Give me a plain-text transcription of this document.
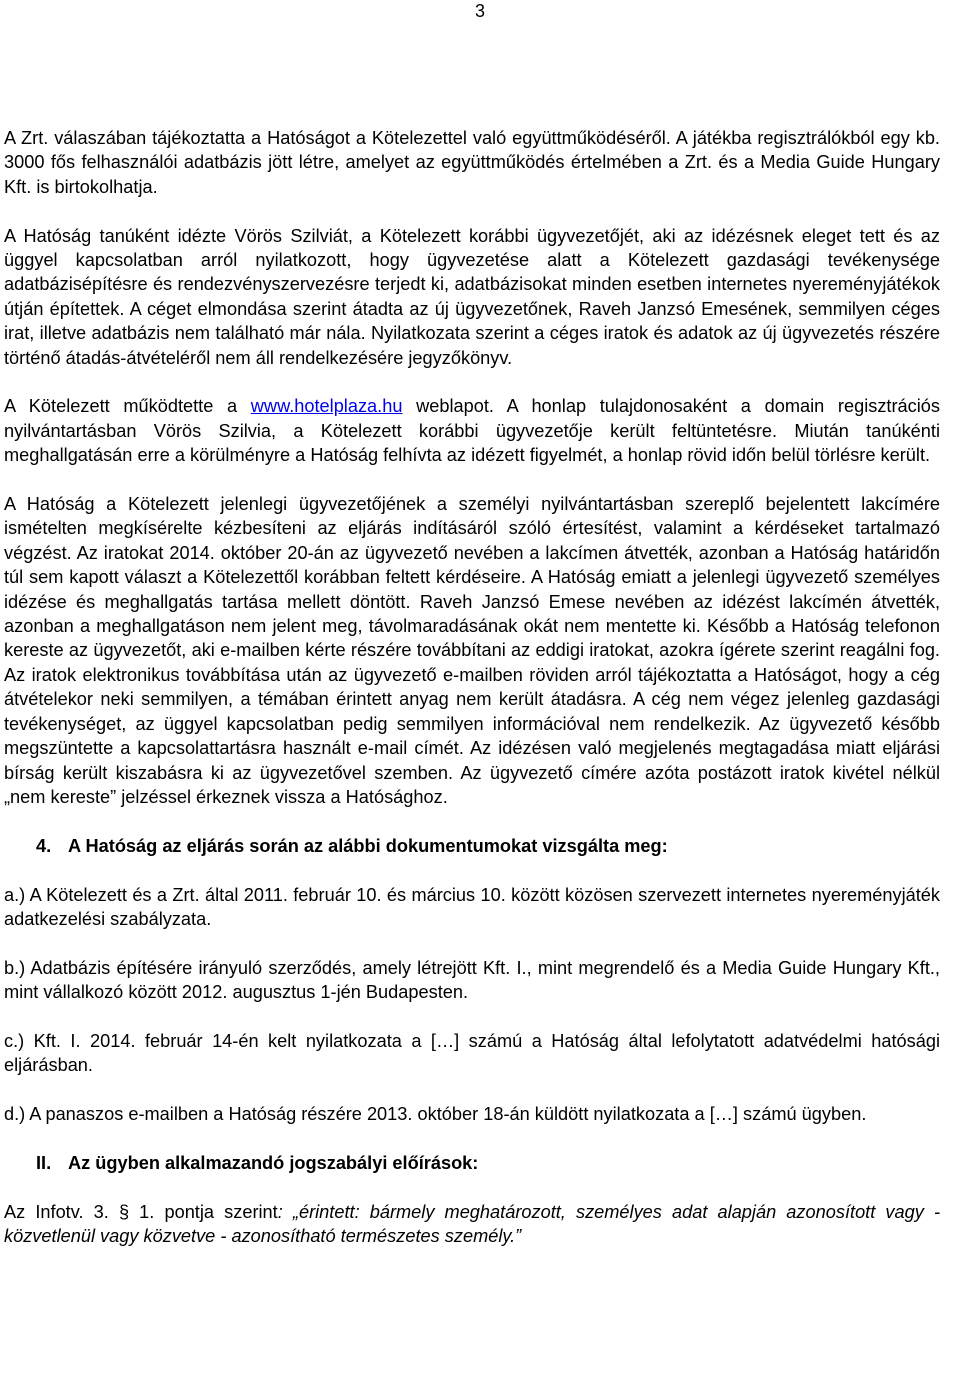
3

A Zrt. válaszában tájékoztatta a Hatóságot a Kötelezettel való együttműködéséről. A játékba regisztrálókból egy kb. 3000 fős felhasználói adatbázis jött létre, amelyet az együttműködés értelmében a Zrt. és a Media Guide Hungary Kft. is birtokolhatja.

A Hatóság tanúként idézte Vörös Szilviát, a Kötelezett korábbi ügyvezetőjét, aki az idézésnek eleget tett és az üggyel kapcsolatban arról nyilatkozott, hogy ügyvezetése alatt a Kötelezett gazdasági tevékenysége adatbázisépítésre és rendezvényszervezésre terjedt ki, adatbázisokat minden esetben internetes nyereményjátékok útján építettek. A céget elmondása szerint átadta az új ügyvezetőnek, Raveh Janzsó Emesének, semmilyen céges irat, illetve adatbázis nem található már nála. Nyilatkozata szerint a céges iratok és adatok az új ügyvezetés részére történő átadás-átvételéről nem áll rendelkezésére jegyzőkönyv.

A Kötelezett működtette a www.hotelplaza.hu weblapot. A honlap tulajdonosaként a domain regisztrációs nyilvántartásban Vörös Szilvia, a Kötelezett korábbi ügyvezetője került feltüntetésre. Miután tanúkénti meghallgatásán erre a körülményre a Hatóság felhívta az idézett figyelmét, a honlap rövid időn belül törlésre került.

A Hatóság a Kötelezett jelenlegi ügyvezetőjének a személyi nyilvántartásban szereplő bejelentett lakcímére ismételten megkísérelte kézbesíteni az eljárás indításáról szóló értesítést, valamint a kérdéseket tartalmazó végzést. Az iratokat 2014. október 20-án az ügyvezető nevében a lakcímen átvették, azonban a Hatóság határidőn túl sem kapott választ a Kötelezettől korábban feltett kérdéseire. A Hatóság emiatt a jelenlegi ügyvezető személyes idézése és meghallgatás tartása mellett döntött. Raveh Janzsó Emese nevében az idézést lakcímén átvették, azonban a meghallgatáson nem jelent meg, távolmaradásának okát nem mentette ki. Később a Hatóság telefonon kereste az ügyvezetőt, aki e-mailben kérte részére továbbítani az eddigi iratokat, azokra ígérete szerint reagálni fog. Az iratok elektronikus továbbítása után az ügyvezető e-mailben röviden arról tájékoztatta a Hatóságot, hogy a cég átvételekor neki semmilyen, a témában érintett anyag nem került átadásra. A cég nem végez jelenleg gazdasági tevékenységet, az üggyel kapcsolatban pedig semmilyen információval nem rendelkezik. Az ügyvezető később megszüntette a kapcsolattartásra használt e-mail címét. Az idézésen való megjelenés megtagadása miatt eljárási bírság került kiszabásra ki az ügyvezetővel szemben. Az ügyvezető címére azóta postázott iratok kivétel nélkül „nem kereste” jelzéssel érkeznek vissza a Hatósághoz.

4. A Hatóság az eljárás során az alábbi dokumentumokat vizsgálta meg:

a.) A Kötelezett és a Zrt. által 2011. február 10. és március 10. között közösen szervezett internetes nyereményjáték adatkezelési szabályzata.

b.) Adatbázis építésére irányuló szerződés, amely létrejött Kft. I., mint megrendelő és a Media Guide Hungary Kft., mint vállalkozó között 2012. augusztus 1-jén Budapesten.

c.) Kft. I. 2014. február 14-én kelt nyilatkozata a […] számú a Hatóság által lefolytatott adatvédelmi hatósági eljárásban.

d.) A panaszos e-mailben a Hatóság részére 2013. október 18-án küldött nyilatkozata a […] számú ügyben.

II. Az ügyben alkalmazandó jogszabályi előírások:

Az Infotv. 3. § 1. pontja szerint: „érintett: bármely meghatározott, személyes adat alapján azonosított vagy - közvetlenül vagy közvetve - azonosítható természetes személy.”
